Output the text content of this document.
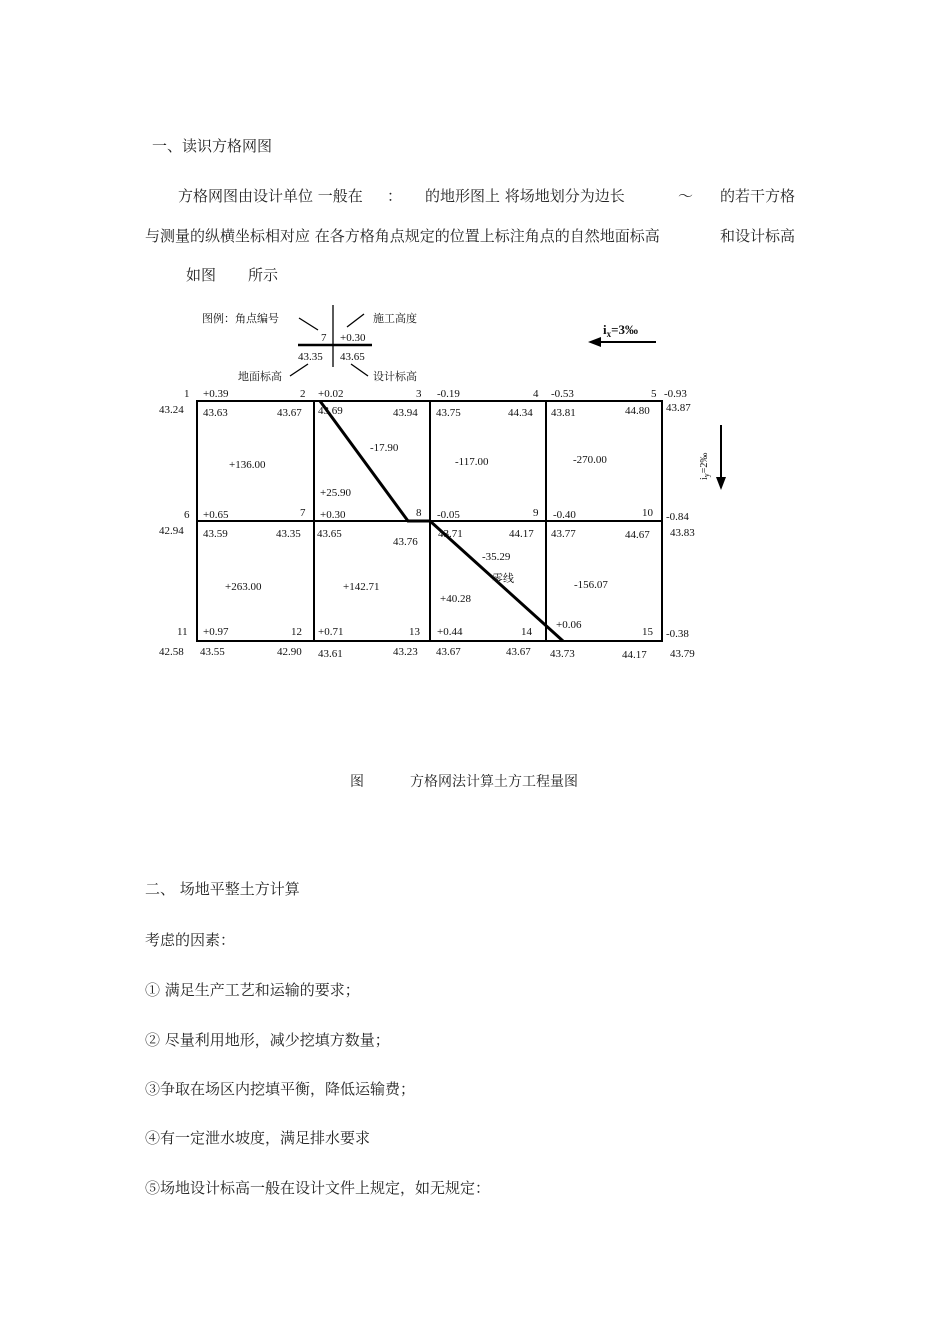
一、读识方格网图
方格网图由设计单位 一般在 ： 的地形图上 将场地划分为边长	～ 的若干方格
与测量的纵横坐标相对应 在各方格角点规定的位置上标注角点的自然地面标高	和设计标高
如图 所示
零线
图例：角点编号	施工高度
地面标高	设计标高
7 +0.30
43.35 43.65
$i_x=3‰$
$i_y=2‰$
1 +0.39
43.24 43.63
2 +0.02
43.67 43.69
3 -0.19
43.94 43.75
4 -0.53
44.34 43.81
5 -0.93
44.80 43.87
6 +0.65
42.94 43.59
7 +0.30
43.35 43.65
8 -0.05
43.76
43.71
9 -0.40
44.17 43.77
10 -0.84
44.67 43.83
11 +0.97
42.58 43.55
12 +0.71
42.90 43.61
13 +0.44
43.23 43.67
14
+0.06
43.67 43.73
15 -0.38
44.17 43.79
+136.00
-17.90
+25.90
-117.00	-270.00
+263.00	+142.71
-35.29
+40.28
-156.07
图	方格网法计算土方工程量图
二、 场地平整土方计算
考虑的因素：
① 满足生产工艺和运输的要求；
② 尽量利用地形，减少挖填方数量；
③争取在场区内挖填平衡，降低运输费；
④有一定泄水坡度，满足排水要求
⑤场地设计标高一般在设计文件上规定，如无规定：
